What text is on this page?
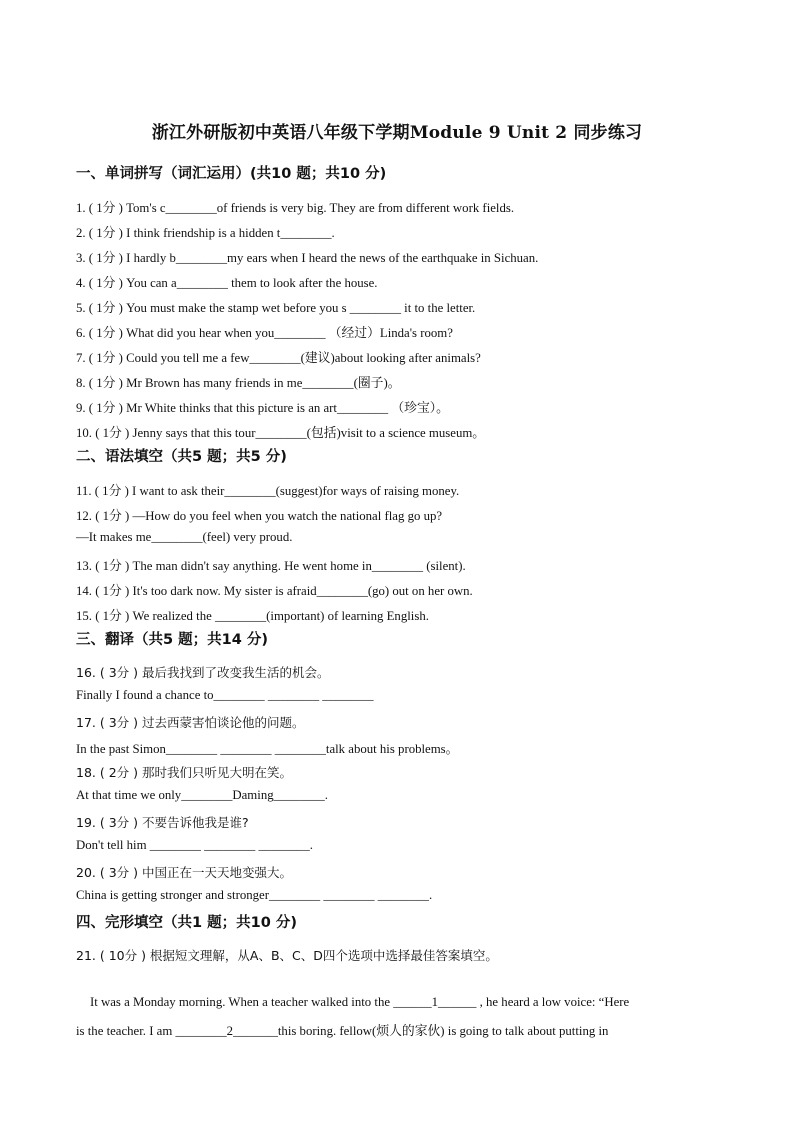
浙江外研版初中英语八年级下学期Module 9 Unit 2 同步练习
一、单词拼写（词汇运用）(共10 题；共10 分)
1. ( 1分 ) Tom's c________of friends is very big. They are from different work fields.
2. ( 1分 ) I think friendship is a hidden t________.
3. ( 1分 ) I hardly b________my ears when I heard the news of the earthquake in Sichuan.
4. ( 1分 ) You can a________ them to look after the house.
5. ( 1分 ) You must make the stamp wet before you s ________ it to the letter.
6. ( 1分 ) What did you hear when you________ （经过）Linda's room?
7. ( 1分 ) Could you tell me a few________(建议)about looking after animals?
8. ( 1分 ) Mr Brown has many friends in me________(圈子)。
9. ( 1分 ) Mr White thinks that this picture is an art________ （珍宝）。
10. ( 1分 ) Jenny says that this tour________(包括)visit to a science museum。
二、语法填空（共5 题；共5 分)
11. ( 1分 ) I want to ask their________(suggest)for ways of raising money.
12. ( 1分 ) —How do you feel when you watch the national flag go up?
—It makes me________(feel) very proud.
13. ( 1分 ) The man didn't say anything. He went home in________ (silent).
14. ( 1分 ) It's too dark now. My sister is afraid________(go) out on her own.
15. ( 1分 ) We realized the ________(important) of learning English.
三、翻译（共5 题；共14 分)
16. ( 3分 ) 最后我找到了改变我生活的机会。
Finally I found a chance to________ ________ ________
17. ( 3分 ) 过去西蒙害怕谈论他的问题。
In the past Simon________ ________ ________talk about his problems。
18. ( 2分 ) 那时我们只听见大明在笑。
At that time we only________Daming________.
19. ( 3分 ) 不要告诉他我是谁?
Don't tell him ________ ________ ________.
20. ( 3分 ) 中国正在一天天地变强大。
China is getting stronger and stronger________ ________ ________.
四、完形填空（共1 题；共10 分)
21. ( 10分 ) 根据短文理解，从A、B、C、D四个选项中选择最佳答案填空。
It was a Monday morning. When a teacher walked into the ______1______ , he heard a low voice: “Here
is the teacher. I am ________2_______this boring. fellow(烦人的家伙) is going to talk about putting in
